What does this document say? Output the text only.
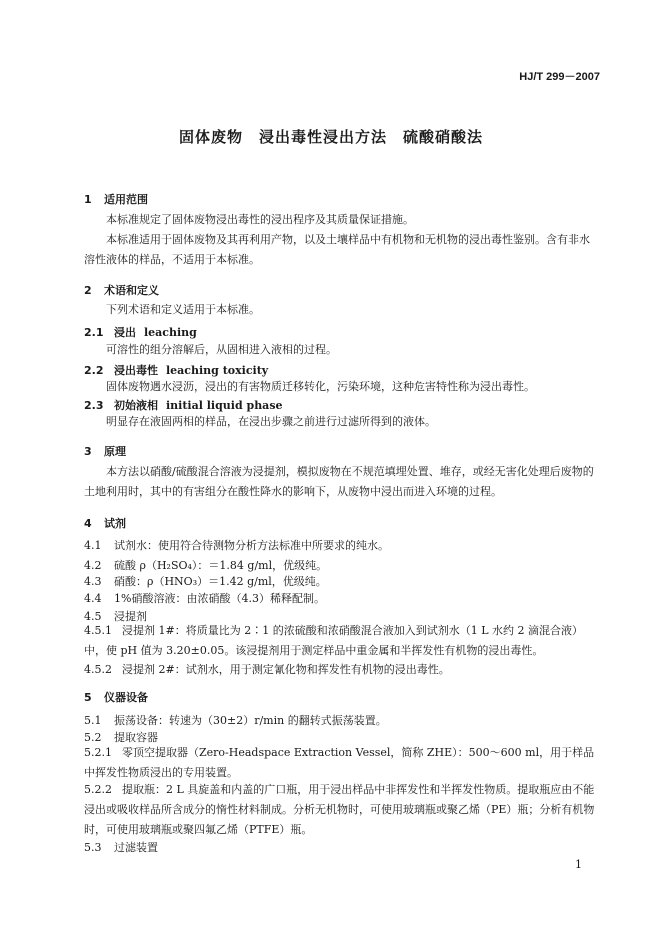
HJ/T 299－2007
固体废物　浸出毒性浸出方法　硫酸硝酸法
1 适用范围
本标准规定了固体废物浸出毒性的浸出程序及其质量保证措施。
本标准适用于固体废物及其再利用产物，以及土壤样品中有机物和无机物的浸出毒性鉴别。含有非水溶性液体的样品，不适用于本标准。
2 术语和定义
下列术语和定义适用于本标准。
2.1 浸出 leaching
可溶性的组分溶解后，从固相进入液相的过程。
2.2 浸出毒性 leaching toxicity
固体废物遇水浸沥，浸出的有害物质迁移转化，污染环境，这种危害特性称为浸出毒性。
2.3 初始液相 initial liquid phase
明显存在液固两相的样品，在浸出步骤之前进行过滤所得到的液体。
3 原理
本方法以硝酸/硫酸混合溶液为浸提剂，模拟废物在不规范填埋处置、堆存，或经无害化处理后废物的土地利用时，其中的有害组分在酸性降水的影响下，从废物中浸出而进入环境的过程。
4 试剂
4.1 试剂水：使用符合待测物分析方法标准中所要求的纯水。
4.2 硫酸 ρ（H₂SO₄）：＝1.84 g/ml，优级纯。
4.3 硝酸：ρ（HNO₃）＝1.42 g/ml，优级纯。
4.4 1%硝酸溶液：由浓硝酸（4.3）稀释配制。
4.5 浸提剂
4.5.1 浸提剂 1#：将质量比为 2∶1 的浓硫酸和浓硝酸混合液加入到试剂水（1 L 水约 2 滴混合液）中，使 pH 值为 3.20±0.05。该浸提剂用于测定样品中重金属和半挥发性有机物的浸出毒性。
4.5.2 浸提剂 2#：试剂水，用于测定氰化物和挥发性有机物的浸出毒性。
5 仪器设备
5.1 振荡设备：转速为（30±2）r/min 的翻转式振荡装置。
5.2 提取容器
5.2.1 零顶空提取器（Zero-Headspace Extraction Vessel，简称 ZHE）：500～600 ml，用于样品中挥发性物质浸出的专用装置。
5.2.2 提取瓶：2 L 具旋盖和内盖的广口瓶，用于浸出样品中非挥发性和半挥发性物质。提取瓶应由不能浸出或吸收样品所含成分的惰性材料制成。分析无机物时，可使用玻璃瓶或聚乙烯（PE）瓶；分析有机物时，可使用玻璃瓶或聚四氟乙烯（PTFE）瓶。
5.3 过滤装置
1
